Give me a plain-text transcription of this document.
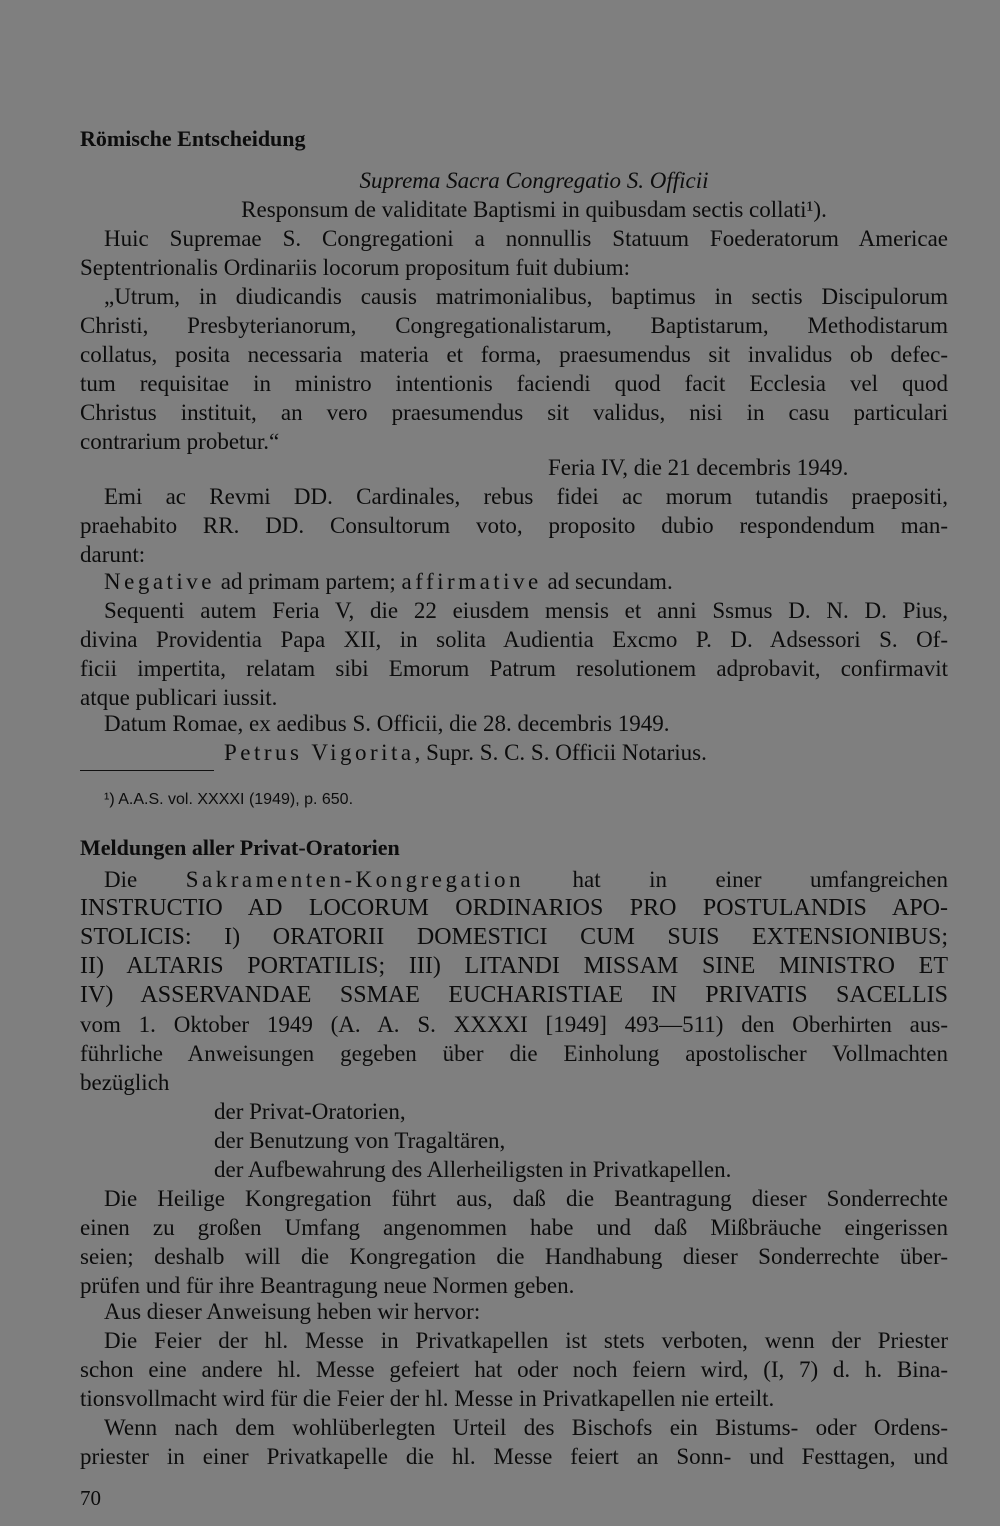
Römische Entscheidung
Suprema Sacra Congregatio S. Officii
Responsum de validitate Baptismi in quibusdam sectis collati¹).
Huic Supremae S. Congregationi a nonnullis Statuum Foederatorum Americae
Septentrionalis Ordinariis locorum propositum fuit dubium:
„Utrum, in diudicandis causis matrimonialibus, baptimus in sectis Discipulorum
Christi, Presbyterianorum, Congregationalistarum, Baptistarum, Methodistarum
collatus, posita necessaria materia et forma, praesumendus sit invalidus ob defec-
tum requisitae in ministro intentionis faciendi quod facit Ecclesia vel quod
Christus instituit, an vero praesumendus sit validus, nisi in casu particulari
contrarium probetur.“
Feria IV, die 21 decembris 1949.
Emi ac Revmi DD. Cardinales, rebus fidei ac morum tutandis praepositi,
praehabito RR. DD. Consultorum voto, proposito dubio respondendum man-
darunt:
Negative ad primam partem; affirmative ad secundam.
Sequenti autem Feria V, die 22 eiusdem mensis et anni Ssmus D. N. D. Pius,
divina Providentia Papa XII, in solita Audientia Excmo P. D. Adsessori S. Of-
ficii impertita, relatam sibi Emorum Patrum resolutionem adprobavit, confirmavit
atque publicari iussit.
Datum Romae, ex aedibus S. Officii, die 28. decembris 1949.
Petrus Vigorita, Supr. S. C. S. Officii Notarius.
¹) A.A.S. vol. XXXXI (1949), p. 650.
Meldungen aller Privat-Oratorien
Die Sakramenten-Kongregation hat in einer umfangreichen
INSTRUCTIO AD LOCORUM ORDINARIOS PRO POSTULANDIS APO-
STOLICIS: I) ORATORII DOMESTICI CUM SUIS EXTENSIONIBUS;
II) ALTARIS PORTATILIS; III) LITANDI MISSAM SINE MINISTRO ET
IV) ASSERVANDAE SSMAE EUCHARISTIAE IN PRIVATIS SACELLIS
vom 1. Oktober 1949 (A. A. S. XXXXI [1949] 493—511) den Oberhirten aus-
führliche Anweisungen gegeben über die Einholung apostolischer Vollmachten
bezüglich
der Privat-Oratorien,
der Benutzung von Tragaltären,
der Aufbewahrung des Allerheiligsten in Privatkapellen.
Die Heilige Kongregation führt aus, daß die Beantragung dieser Sonderrechte
einen zu großen Umfang angenommen habe und daß Mißbräuche eingerissen
seien; deshalb will die Kongregation die Handhabung dieser Sonderrechte über-
prüfen und für ihre Beantragung neue Normen geben.
Aus dieser Anweisung heben wir hervor:
Die Feier der hl. Messe in Privatkapellen ist stets verboten, wenn der Priester
schon eine andere hl. Messe gefeiert hat oder noch feiern wird, (I, 7) d. h. Bina-
tionsvollmacht wird für die Feier der hl. Messe in Privatkapellen nie erteilt.
Wenn nach dem wohlüberlegten Urteil des Bischofs ein Bistums- oder Ordens-
priester in einer Privatkapelle die hl. Messe feiert an Sonn- und Festtagen, und
70
